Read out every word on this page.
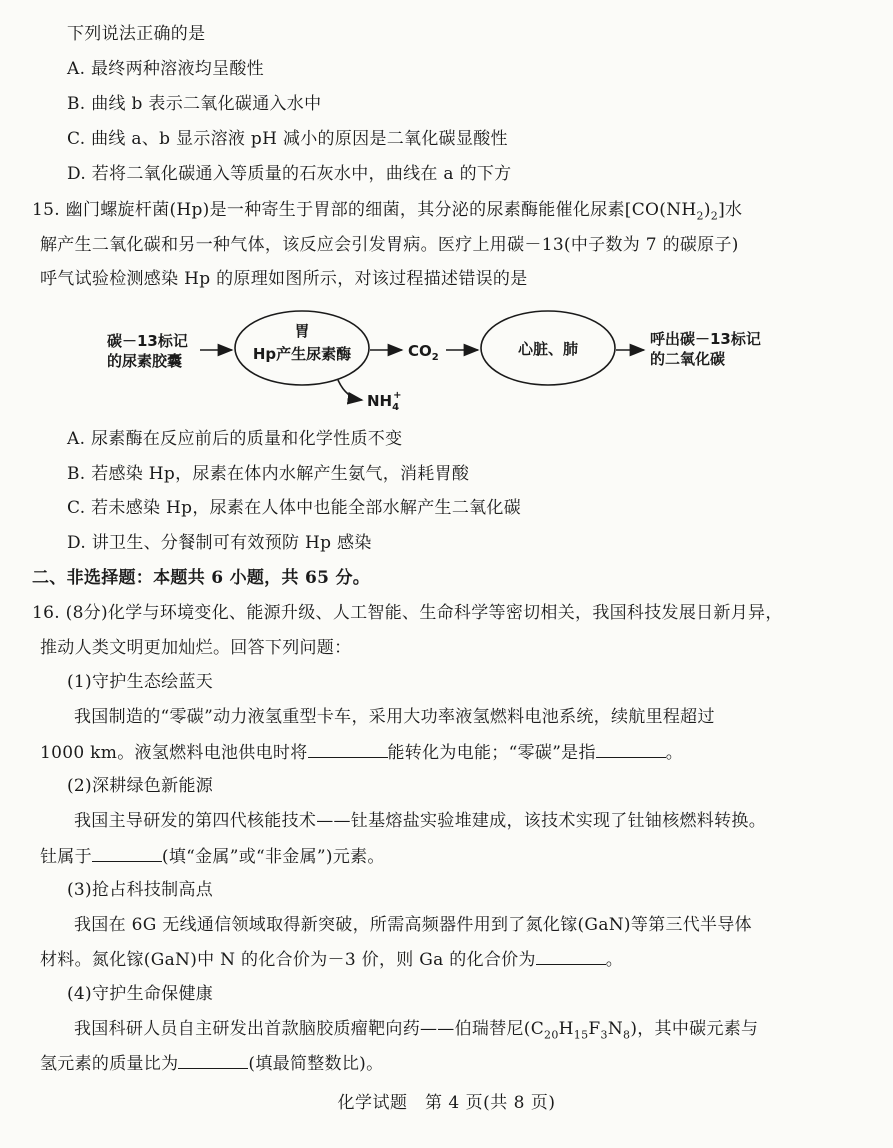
下列说法正确的是
A. 最终两种溶液均呈酸性
B. 曲线 b 表示二氧化碳通入水中
C. 曲线 a、b 显示溶液 pH 减小的原因是二氧化碳显酸性
D. 若将二氧化碳通入等质量的石灰水中，曲线在 a 的下方
15. 幽门螺旋杆菌(Hp)是一种寄生于胃部的细菌，其分泌的尿素酶能催化尿素$[CO(NH_2)_2]$水
解产生二氧化碳和另一种气体，该反应会引发胃病。医疗上用碳－13(中子数为 7 的碳原子)
呼气试验检测感染 Hp 的原理如图所示，对该过程描述错误的是
碳－13标记
的尿素胶囊
胃
Hp产生尿素酶	$CO_2$	心脏、肺
呼出碳－13标记
的二氧化碳
$NH_4+$
A. 尿素酶在反应前后的质量和化学性质不变
B. 若感染 Hp，尿素在体内水解产生氨气，消耗胃酸
C. 若未感染 Hp，尿素在人体中也能全部水解产生二氧化碳
D. 讲卫生、分餐制可有效预防 Hp 感染
二、非选择题：本题共 6 小题，共 65 分。
16. (8分)化学与环境变化、能源升级、人工智能、生命科学等密切相关，我国科技发展日新月异，
推动人类文明更加灿烂。回答下列问题：
(1)守护生态绘蓝天
我国制造的“零碳”动力液氢重型卡车，采用大功率液氢燃料电池系统，续航里程超过
1000 km。液氢燃料电池供电时将	能转化为电能；“零碳”是指	。
(2)深耕绿色新能源
我国主导研发的第四代核能技术——钍基熔盐实验堆建成，该技术实现了钍铀核燃料转换。
钍属于	(填“金属”或“非金属”)元素。
(3)抢占科技制高点
我国在 6G 无线通信领域取得新突破，所需高频器件用到了氮化镓(GaN)等第三代半导体
材料。氮化镓(GaN)中 N 的化合价为－3 价，则 Ga 的化合价为	。
(4)守护生命保健康
我国科研人员自主研发出首款脑胶质瘤靶向药——伯瑞替尼$(C_{20}H_{15}F_3N_8)$，其中碳元素与
氢元素的质量比为	(填最简整数比)。
化学试题　第 4 页(共 8 页)
